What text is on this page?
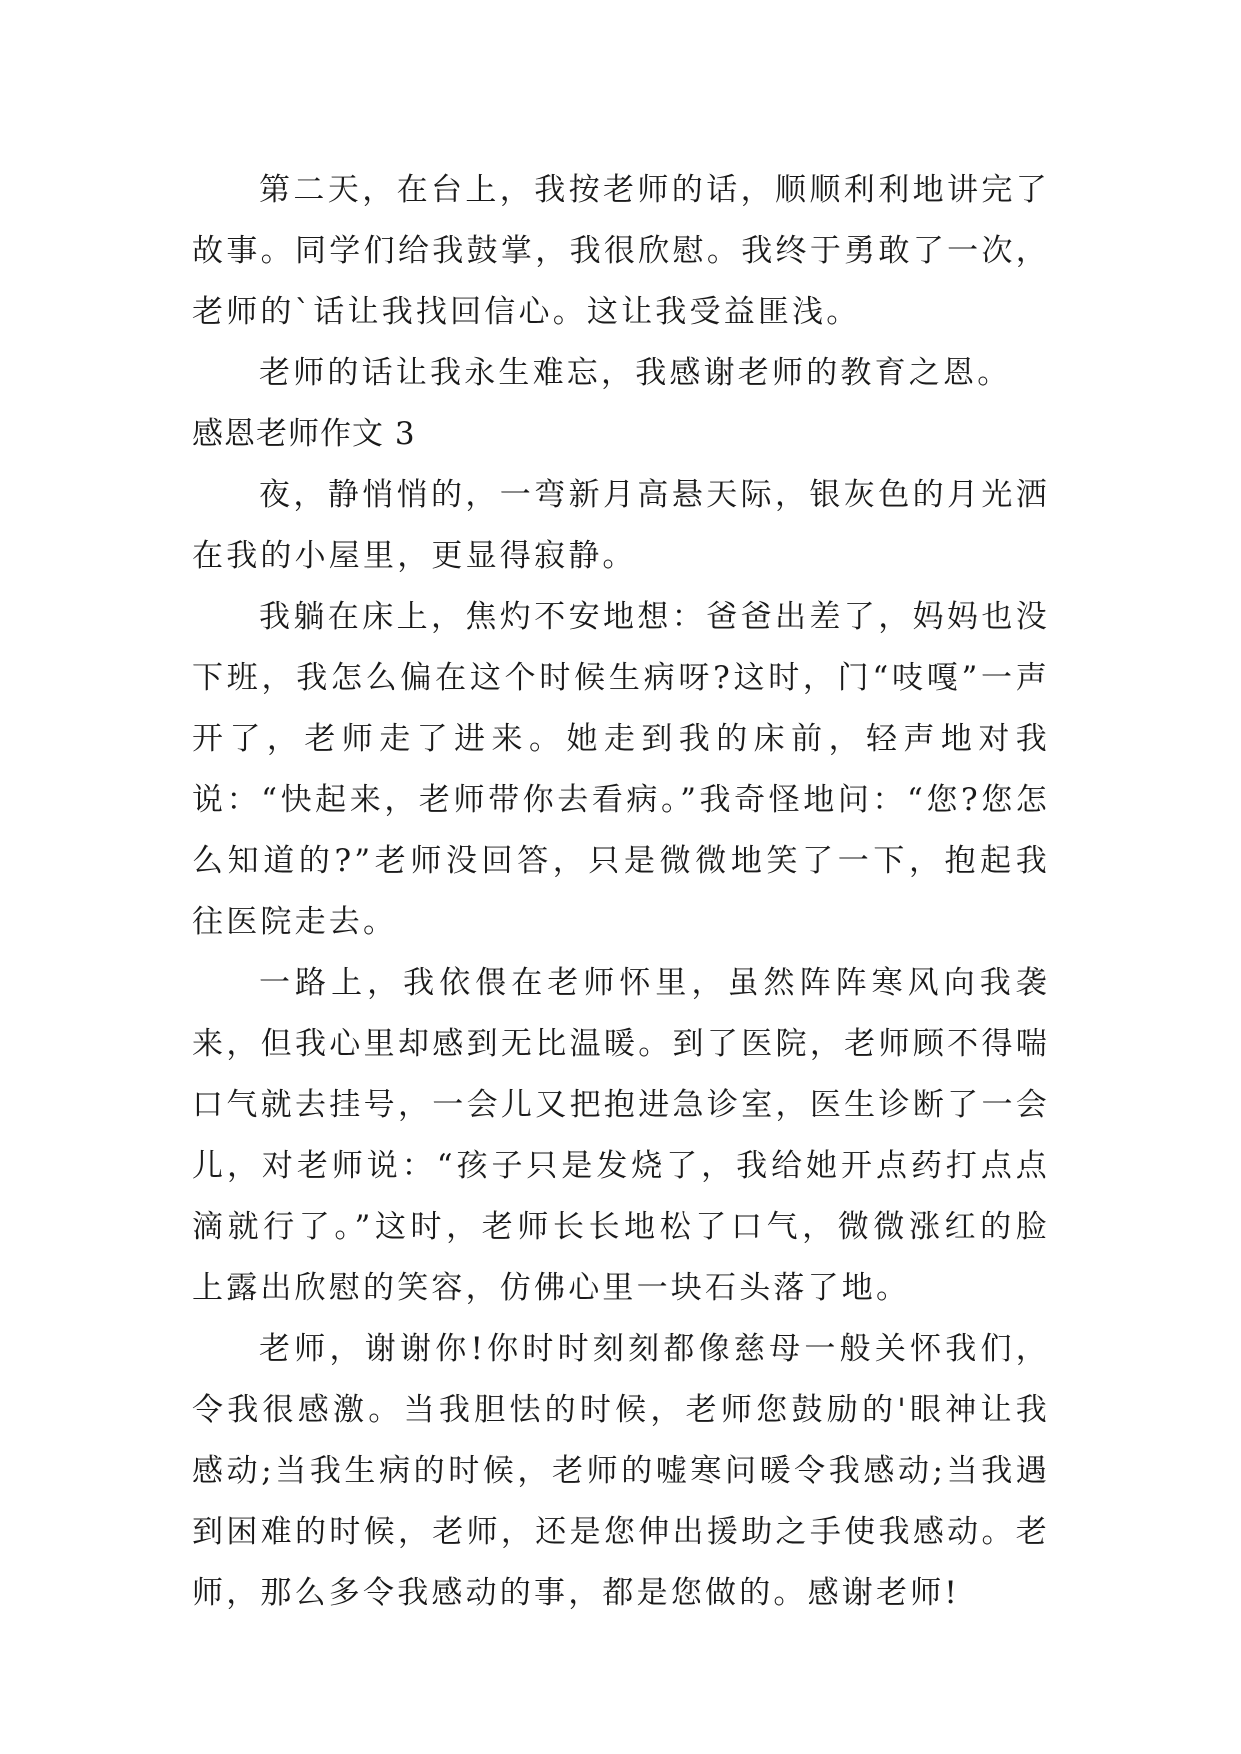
第二天，在台上，我按老师的话，顺顺利利地讲完了故事。同学们给我鼓掌，我很欣慰。我终于勇敢了一次，老师的`话让我找回信心。这让我受益匪浅。

老师的话让我永生难忘，我感谢老师的教育之恩。

感恩老师作文 3

夜，静悄悄的，一弯新月高悬天际，银灰色的月光洒在我的小屋里，更显得寂静。

我躺在床上，焦灼不安地想：爸爸出差了，妈妈也没下班，我怎么偏在这个时候生病呀?这时，门“吱嘎”一声开了，老师走了进来。她走到我的床前，轻声地对我说：“快起来，老师带你去看病。”我奇怪地问：“您?您怎么知道的?”老师没回答，只是微微地笑了一下，抱起我往医院走去。

一路上，我依偎在老师怀里，虽然阵阵寒风向我袭来，但我心里却感到无比温暖。到了医院，老师顾不得喘口气就去挂号，一会儿又把抱进急诊室，医生诊断了一会儿，对老师说：“孩子只是发烧了，我给她开点药打点点滴就行了。”这时，老师长长地松了口气，微微涨红的脸上露出欣慰的笑容，仿佛心里一块石头落了地。

老师，谢谢你!你时时刻刻都像慈母一般关怀我们，令我很感激。当我胆怯的时候，老师您鼓励的'眼神让我感动;当我生病的时候，老师的嘘寒问暖令我感动;当我遇到困难的时候，老师，还是您伸出援助之手使我感动。老师，那么多令我感动的事，都是您做的。感谢老师!
